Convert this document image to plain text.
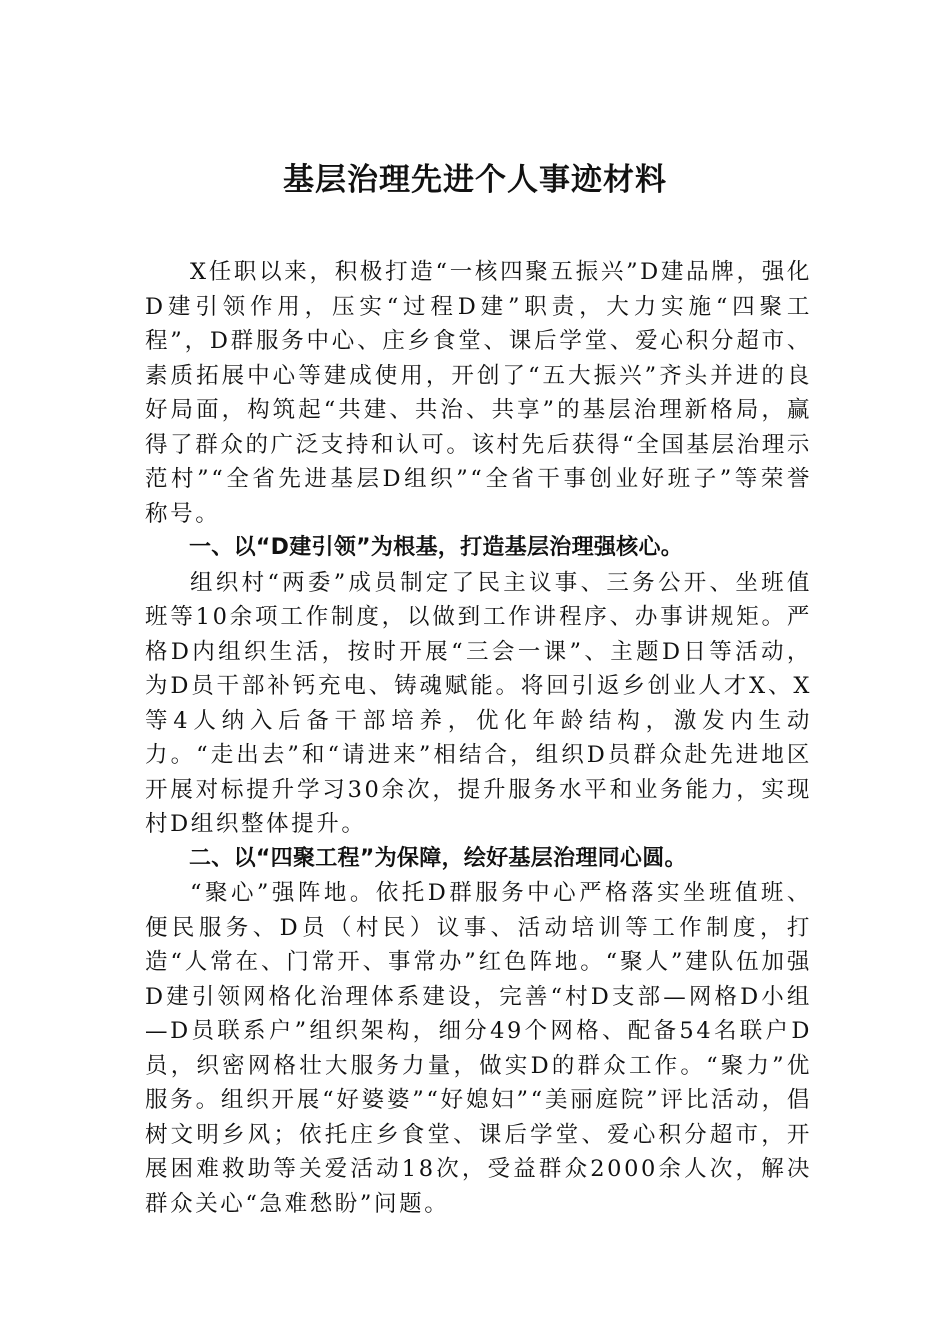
基层治理先进个人事迹材料

X任职以来，积极打造“一核四聚五振兴”D建品牌，强化D建引领作用，压实“过程D建”职责，大力实施“四聚工程”，D群服务中心、庄乡食堂、课后学堂、爱心积分超市、素质拓展中心等建成使用，开创了“五大振兴”齐头并进的良好局面，构筑起“共建、共治、共享”的基层治理新格局，赢得了群众的广泛支持和认可。该村先后获得“全国基层治理示范村”“全省先进基层D组织”“全省干事创业好班子”等荣誉称号。

一、以“D建引领”为根基，打造基层治理强核心。

组织村“两委”成员制定了民主议事、三务公开、坐班值班等10余项工作制度，以做到工作讲程序、办事讲规矩。严格D内组织生活，按时开展“三会一课”、主题D日等活动，为D员干部补钙充电、铸魂赋能。将回引返乡创业人才X、X等4人纳入后备干部培养，优化年龄结构，激发内生动力。“走出去”和“请进来”相结合，组织D员群众赴先进地区开展对标提升学习30余次，提升服务水平和业务能力，实现村D组织整体提升。

二、以“四聚工程”为保障，绘好基层治理同心圆。

“聚心”强阵地。依托D群服务中心严格落实坐班值班、便民服务、D员（村民）议事、活动培训等工作制度，打造“人常在、门常开、事常办”红色阵地。“聚人”建队伍加强D建引领网格化治理体系建设，完善“村D支部—网格D小组—D员联系户”组织架构，细分49个网格、配备54名联户D员，织密网格壮大服务力量，做实D的群众工作。“聚力”优服务。组织开展“好婆婆”“好媳妇”“美丽庭院”评比活动，倡树文明乡风；依托庄乡食堂、课后学堂、爱心积分超市，开展困难救助等关爱活动18次，受益群众2000余人次，解决群众关心“急难愁盼”问题。
